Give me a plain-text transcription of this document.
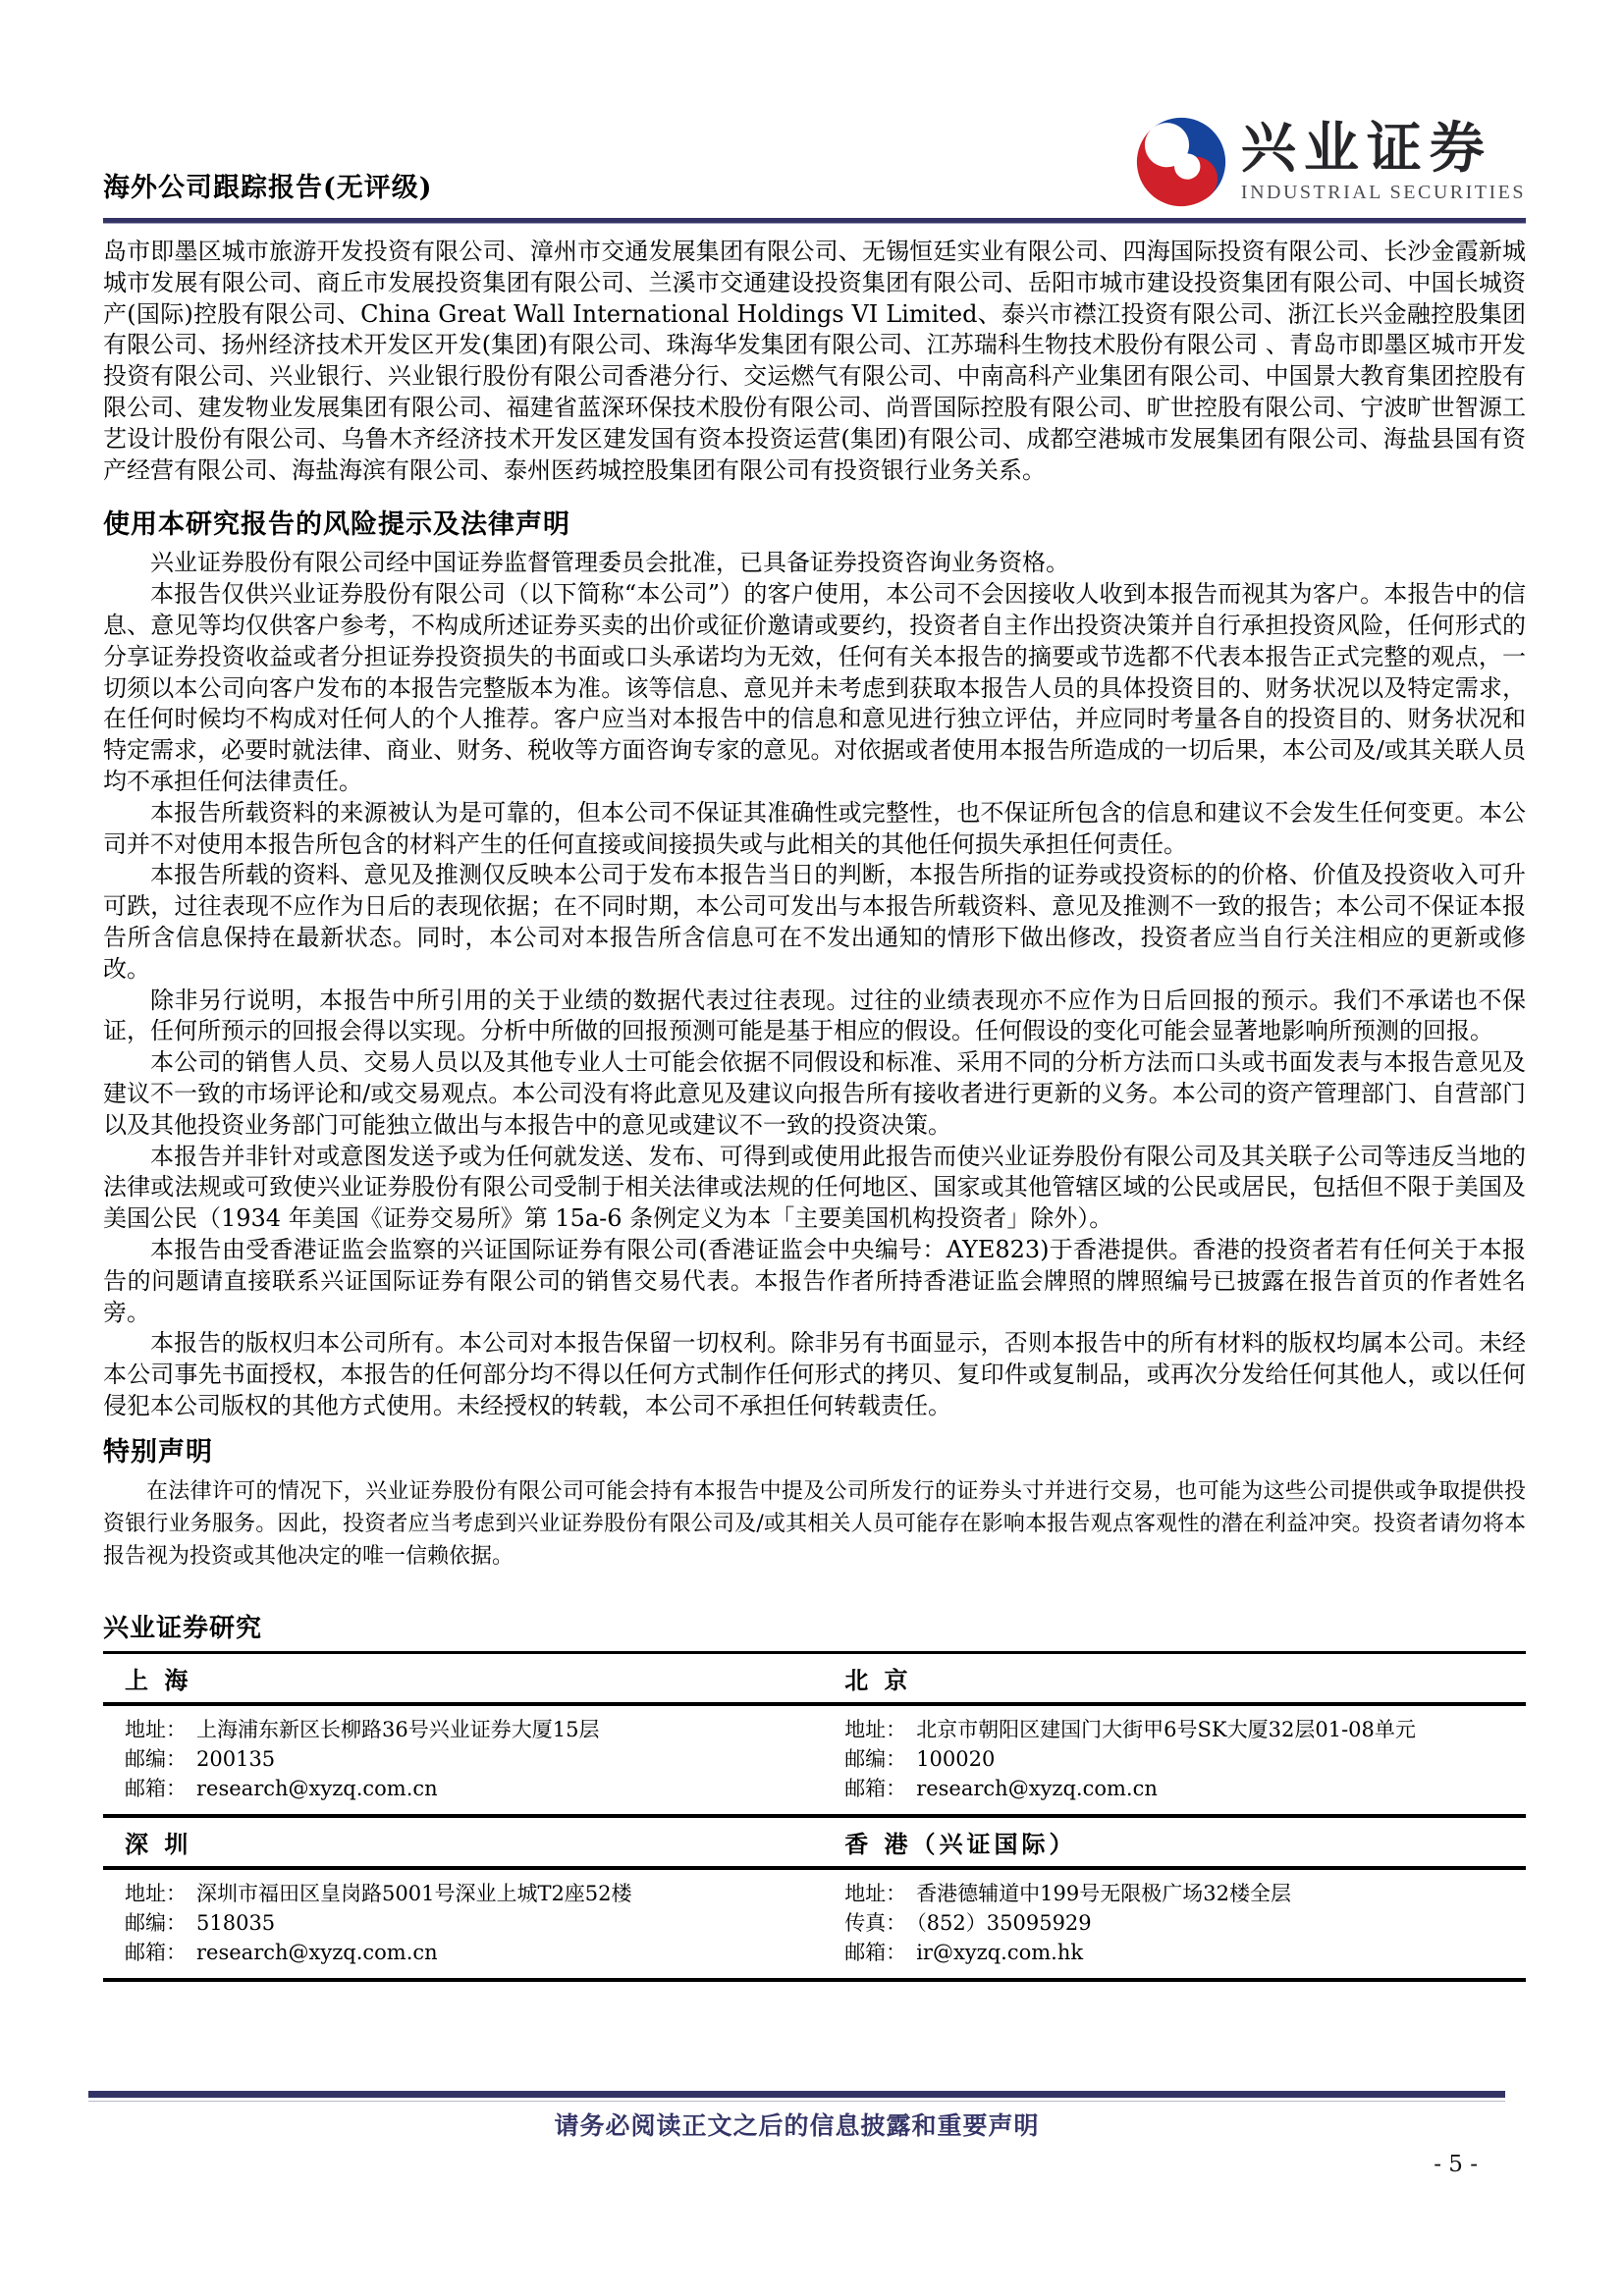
海外公司跟踪报告(无评级)
兴业证券
INDUSTRIAL SECURITIES

岛市即墨区城市旅游开发投资有限公司、漳州市交通发展集团有限公司、无锡恒廷实业有限公司、四海国际投资有限公司、长沙金霞新城城市发展有限公司、商丘市发展投资集团有限公司、兰溪市交通建设投资集团有限公司、岳阳市城市建设投资集团有限公司、中国长城资产(国际)控股有限公司、China Great Wall International Holdings VI Limited、泰兴市襟江投资有限公司、浙江长兴金融控股集团有限公司、扬州经济技术开发区开发(集团)有限公司、珠海华发集团有限公司、江苏瑞科生物技术股份有限公司 、青岛市即墨区城市开发投资有限公司、兴业银行、兴业银行股份有限公司香港分行、交运燃气有限公司、中南高科产业集团有限公司、中国景大教育集团控股有限公司、建发物业发展集团有限公司、福建省蓝深环保技术股份有限公司、尚晋国际控股有限公司、旷世控股有限公司、宁波旷世智源工艺设计股份有限公司、乌鲁木齐经济技术开发区建发国有资本投资运营(集团)有限公司、成都空港城市发展集团有限公司、海盐县国有资产经营有限公司、海盐海滨有限公司、泰州医药城控股集团有限公司有投资银行业务关系。

使用本研究报告的风险提示及法律声明

兴业证券股份有限公司经中国证券监督管理委员会批准，已具备证券投资咨询业务资格。

本报告仅供兴业证券股份有限公司（以下简称“本公司”）的客户使用，本公司不会因接收人收到本报告而视其为客户。本报告中的信息、意见等均仅供客户参考，不构成所述证券买卖的出价或征价邀请或要约，投资者自主作出投资决策并自行承担投资风险，任何形式的分享证券投资收益或者分担证券投资损失的书面或口头承诺均为无效，任何有关本报告的摘要或节选都不代表本报告正式完整的观点，一切须以本公司向客户发布的本报告完整版本为准。该等信息、意见并未考虑到获取本报告人员的具体投资目的、财务状况以及特定需求，在任何时候均不构成对任何人的个人推荐。客户应当对本报告中的信息和意见进行独立评估，并应同时考量各自的投资目的、财务状况和特定需求，必要时就法律、商业、财务、税收等方面咨询专家的意见。对依据或者使用本报告所造成的一切后果，本公司及/或其关联人员均不承担任何法律责任。

本报告所载资料的来源被认为是可靠的，但本公司不保证其准确性或完整性，也不保证所包含的信息和建议不会发生任何变更。本公司并不对使用本报告所包含的材料产生的任何直接或间接损失或与此相关的其他任何损失承担任何责任。

本报告所载的资料、意见及推测仅反映本公司于发布本报告当日的判断，本报告所指的证券或投资标的的价格、价值及投资收入可升可跌，过往表现不应作为日后的表现依据；在不同时期，本公司可发出与本报告所载资料、意见及推测不一致的报告；本公司不保证本报告所含信息保持在最新状态。同时，本公司对本报告所含信息可在不发出通知的情形下做出修改，投资者应当自行关注相应的更新或修改。

除非另行说明，本报告中所引用的关于业绩的数据代表过往表现。过往的业绩表现亦不应作为日后回报的预示。我们不承诺也不保证，任何所预示的回报会得以实现。分析中所做的回报预测可能是基于相应的假设。任何假设的变化可能会显著地影响所预测的回报。

本公司的销售人员、交易人员以及其他专业人士可能会依据不同假设和标准、采用不同的分析方法而口头或书面发表与本报告意见及建议不一致的市场评论和/或交易观点。本公司没有将此意见及建议向报告所有接收者进行更新的义务。本公司的资产管理部门、自营部门以及其他投资业务部门可能独立做出与本报告中的意见或建议不一致的投资决策。

本报告并非针对或意图发送予或为任何就发送、发布、可得到或使用此报告而使兴业证券股份有限公司及其关联子公司等违反当地的法律或法规或可致使兴业证券股份有限公司受制于相关法律或法规的任何地区、国家或其他管辖区域的公民或居民，包括但不限于美国及美国公民（1934 年美国《证券交易所》第 15a-6 条例定义为本「主要美国机构投资者」除外）。

本报告由受香港证监会监察的兴证国际证券有限公司(香港证监会中央编号：AYE823)于香港提供。香港的投资者若有任何关于本报告的问题请直接联系兴证国际证券有限公司的销售交易代表。本报告作者所持香港证监会牌照的牌照编号已披露在报告首页的作者姓名旁。

本报告的版权归本公司所有。本公司对本报告保留一切权利。除非另有书面显示，否则本报告中的所有材料的版权均属本公司。未经本公司事先书面授权，本报告的任何部分均不得以任何方式制作任何形式的拷贝、复印件或复制品，或再次分发给任何其他人，或以任何侵犯本公司版权的其他方式使用。未经授权的转载，本公司不承担任何转载责任。

特别声明

在法律许可的情况下，兴业证券股份有限公司可能会持有本报告中提及公司所发行的证券头寸并进行交易，也可能为这些公司提供或争取提供投资银行业务服务。因此，投资者应当考虑到兴业证券股份有限公司及/或其相关人员可能存在影响本报告观点客观性的潜在利益冲突。投资者请勿将本报告视为投资或其他决定的唯一信赖依据。

兴业证券研究
上 海	北 京
地址： 上海浦东新区长柳路36号兴业证券大厦15层
邮编： 200135
邮箱： research@xyzq.com.cn
地址： 北京市朝阳区建国门大街甲6号SK大厦32层01-08单元
邮编： 100020
邮箱： research@xyzq.com.cn
深 圳	香 港（兴证国际）
地址： 深圳市福田区皇岗路5001号深业上城T2座52楼
邮编： 518035
邮箱： research@xyzq.com.cn
地址： 香港德辅道中199号无限极广场32楼全层
传真： （852）35095929
邮箱： ir@xyzq.com.hk
请务必阅读正文之后的信息披露和重要声明
- 5 -
